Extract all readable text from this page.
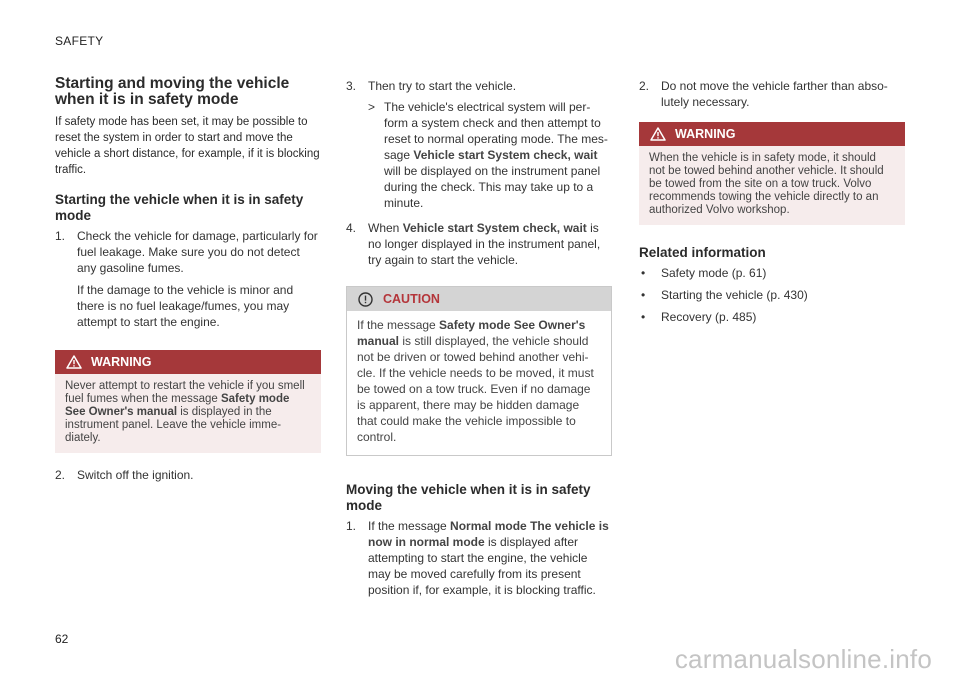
SAFETY
Starting and moving the vehicle when it is in safety mode

If safety mode has been set, it may be possible to reset the system in order to start and move the vehicle a short distance, for example, if it is blocking traffic.

Starting the vehicle when it is in safety mode
1. Check the vehicle for damage, particularly for fuel leakage. Make sure you do not detect any gasoline fumes.

If the damage to the vehicle is minor and there is no fuel leakage/fumes, you may attempt to start the engine.

WARNING
Never attempt to restart the vehicle if you smell fuel fumes when the message Safety mode See Owner's manual is displayed in the instrument panel. Leave the vehicle imme-diately.
2. Switch off the ignition.

3. Then try to start the vehicle.

> The vehicle's electrical system will per-form a system check and then attempt to reset to normal operating mode. The mes-sage Vehicle start System check, wait will be displayed on the instrument panel during the check. This may take up to a minute.

4. When Vehicle start System check, wait is no longer displayed in the instrument panel, try again to start the vehicle.

CAUTION
If the message Safety mode See Owner's manual is still displayed, the vehicle should not be driven or towed behind another vehi-cle. If the vehicle needs to be moved, it must be towed on a tow truck. Even if no damage is apparent, there may be hidden damage that could make the vehicle impossible to control.
Moving the vehicle when it is in safety mode
1. If the message Normal mode The vehicle is now in normal mode is displayed after attempting to start the engine, the vehicle may be moved carefully from its present position if, for example, it is blocking traffic.

2. Do not move the vehicle farther than abso-lutely necessary.

WARNING
When the vehicle is in safety mode, it should not be towed behind another vehicle. It should be towed from the site on a tow truck. Volvo recommends towing the vehicle directly to an authorized Volvo workshop.
Related information
• Safety mode (p. 61)
• Starting the vehicle (p. 430)
• Recovery (p. 485)
62
carmanualsonline.info
